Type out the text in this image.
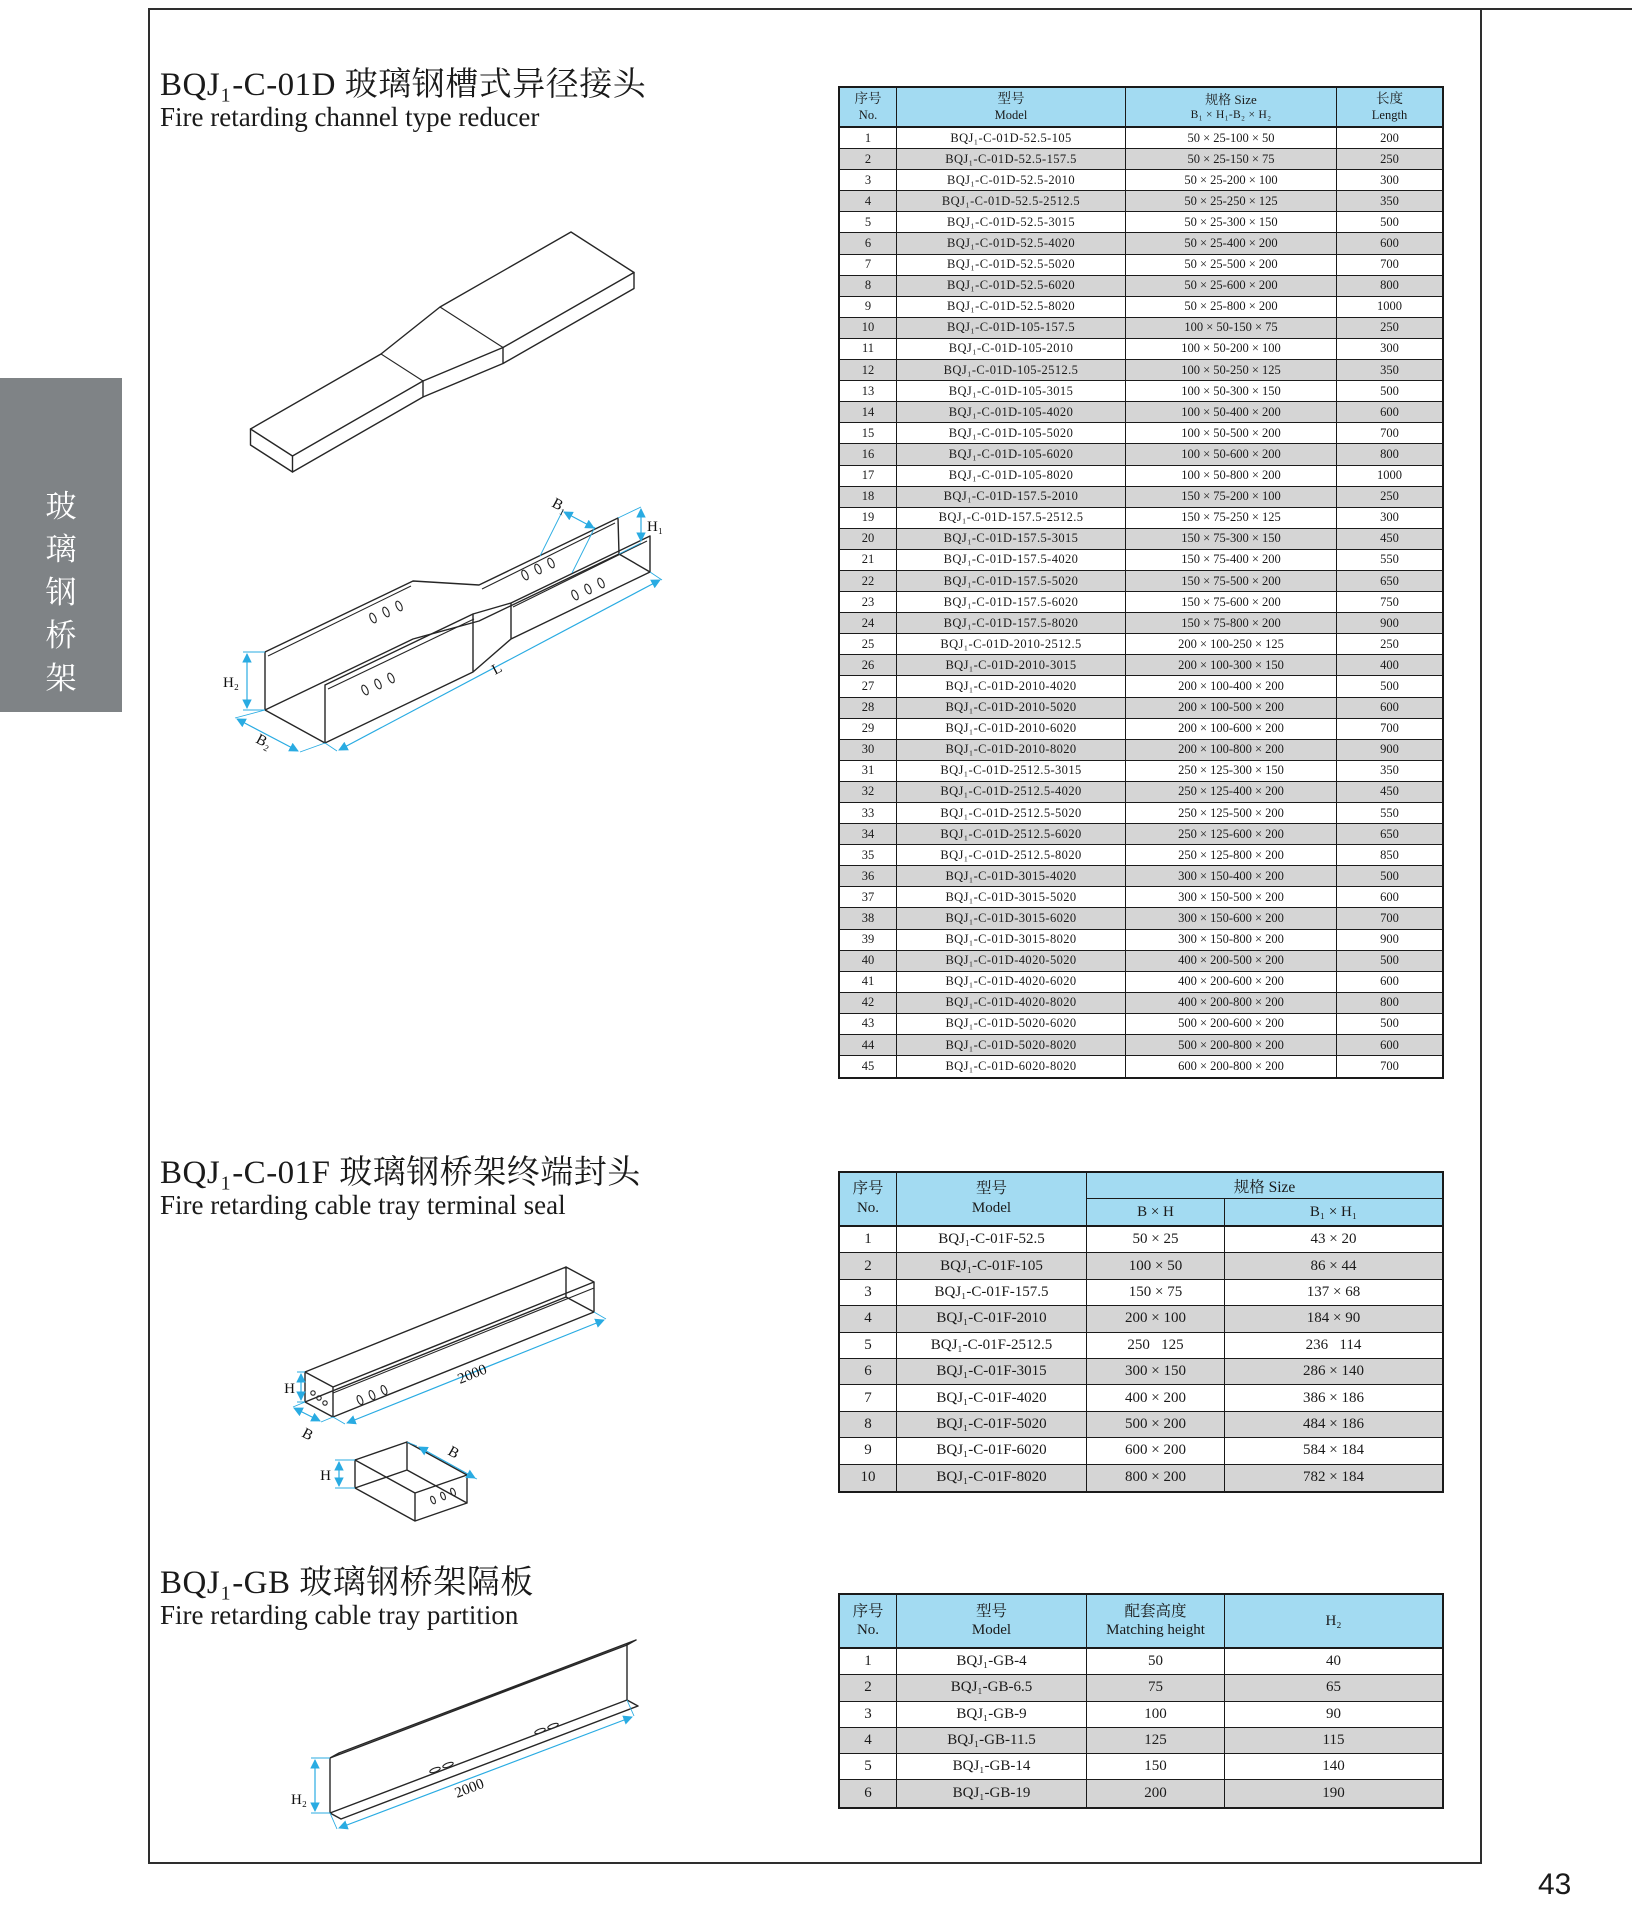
玻
璃
钢
桥
架
BQJ₁-C-01D 玻璃钢槽式异径接头
Fire retarding channel type reducer
H₂
B₂
B₁
H₁
L
序号
No.
型号
Model
规格 Size
B₁ × H₁-B₂ × H₂
长度
Length
1	BQJ₁-C-01D-52.5-105	50 × 25-100 × 50	200
2	BQJ₁-C-01D-52.5-157.5	50 × 25-150 × 75	250
3	BQJ₁-C-01D-52.5-2010	50 × 25-200 × 100	300
4	BQJ₁-C-01D-52.5-2512.5	50 × 25-250 × 125	350
5	BQJ₁-C-01D-52.5-3015	50 × 25-300 × 150	500
6	BQJ₁-C-01D-52.5-4020	50 × 25-400 × 200	600
7	BQJ₁-C-01D-52.5-5020	50 × 25-500 × 200	700
8	BQJ₁-C-01D-52.5-6020	50 × 25-600 × 200	800
9	BQJ₁-C-01D-52.5-8020	50 × 25-800 × 200	1000
10	BQJ₁-C-01D-105-157.5	100 × 50-150 × 75	250
11	BQJ₁-C-01D-105-2010	100 × 50-200 × 100	300
12	BQJ₁-C-01D-105-2512.5	100 × 50-250 × 125	350
13	BQJ₁-C-01D-105-3015	100 × 50-300 × 150	500
14	BQJ₁-C-01D-105-4020	100 × 50-400 × 200	600
15	BQJ₁-C-01D-105-5020	100 × 50-500 × 200	700
16	BQJ₁-C-01D-105-6020	100 × 50-600 × 200	800
17	BQJ₁-C-01D-105-8020	100 × 50-800 × 200	1000
18	BQJ₁-C-01D-157.5-2010	150 × 75-200 × 100	250
19	BQJ₁-C-01D-157.5-2512.5	150 × 75-250 × 125	300
20	BQJ₁-C-01D-157.5-3015	150 × 75-300 × 150	450
21	BQJ₁-C-01D-157.5-4020	150 × 75-400 × 200	550
22	BQJ₁-C-01D-157.5-5020	150 × 75-500 × 200	650
23	BQJ₁-C-01D-157.5-6020	150 × 75-600 × 200	750
24	BQJ₁-C-01D-157.5-8020	150 × 75-800 × 200	900
25	BQJ₁-C-01D-2010-2512.5	200 × 100-250 × 125	250
26	BQJ₁-C-01D-2010-3015	200 × 100-300 × 150	400
27	BQJ₁-C-01D-2010-4020	200 × 100-400 × 200	500
28	BQJ₁-C-01D-2010-5020	200 × 100-500 × 200	600
29	BQJ₁-C-01D-2010-6020	200 × 100-600 × 200	700
30	BQJ₁-C-01D-2010-8020	200 × 100-800 × 200	900
31	BQJ₁-C-01D-2512.5-3015	250 × 125-300 × 150	350
32	BQJ₁-C-01D-2512.5-4020	250 × 125-400 × 200	450
33	BQJ₁-C-01D-2512.5-5020	250 × 125-500 × 200	550
34	BQJ₁-C-01D-2512.5-6020	250 × 125-600 × 200	650
35	BQJ₁-C-01D-2512.5-8020	250 × 125-800 × 200	850
36	BQJ₁-C-01D-3015-4020	300 × 150-400 × 200	500
37	BQJ₁-C-01D-3015-5020	300 × 150-500 × 200	600
38	BQJ₁-C-01D-3015-6020	300 × 150-600 × 200	700
39	BQJ₁-C-01D-3015-8020	300 × 150-800 × 200	900
40	BQJ₁-C-01D-4020-5020	400 × 200-500 × 200	500
41	BQJ₁-C-01D-4020-6020	400 × 200-600 × 200	600
42	BQJ₁-C-01D-4020-8020	400 × 200-800 × 200	800
43	BQJ₁-C-01D-5020-6020	500 × 200-600 × 200	500
44	BQJ₁-C-01D-5020-8020	500 × 200-800 × 200	600
45	BQJ₁-C-01D-6020-8020	600 × 200-800 × 200	700
BQJ₁-C-01F 玻璃钢桥架终端封头
Fire retarding cable tray terminal seal
H
B
2000
H
B
序号
No.
型号
Model
规格 Size
B × H	B₁ × H₁
1	BQJ₁-C-01F-52.5	50 × 25	43 × 20
2	BQJ₁-C-01F-105	100 × 50	86 × 44
3	BQJ₁-C-01F-157.5	150 × 75	137 × 68
4	BQJ₁-C-01F-2010	200 × 100	184 × 90
5	BQJ₁-C-01F-2512.5	250   125	236   114
6	BQJ₁-C-01F-3015	300 × 150	286 × 140
7	BQJ₁-C-01F-4020	400 × 200	386 × 186
8	BQJ₁-C-01F-5020	500 × 200	484 × 186
9	BQJ₁-C-01F-6020	600 × 200	584 × 184
10	BQJ₁-C-01F-8020	800 × 200	782 × 184
BQJ₁-GB 玻璃钢桥架隔板
Fire retarding cable tray partition
H₂	2000
序号
No.
型号
Model
配套高度
Matching height
H₂
1	BQJ₁-GB-4	50	40
2	BQJ₁-GB-6.5	75	65
3	BQJ₁-GB-9	100	90
4	BQJ₁-GB-11.5	125	115
5	BQJ₁-GB-14	150	140
6	BQJ₁-GB-19	200	190
43
